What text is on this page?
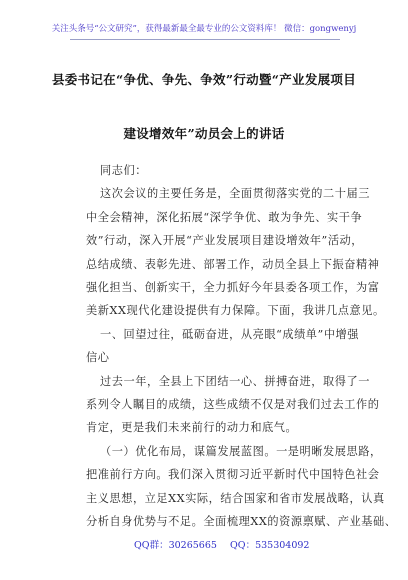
关注头条号“公文研究”，获得最新最全最专业的公文资料库！ 微信：gongwenyj
县委书记在“争优、争先、争效”行动暨“产业发展项目
建设增效年”动员会上的讲话
同志们：
这次会议的主要任务是，全面贯彻落实党的二十届三
中全会精神，深化拓展“深学争优、敢为争先、实干争
效”行动，深入开展“产业发展项目建设增效年”活动，
总结成绩、表彰先进、部署工作，动员全县上下振奋精神
强化担当、创新实干，全力抓好今年县委各项工作，为富
美新XX现代化建设提供有力保障。下面，我讲几点意见。
一、回望过往，砥砺奋进，从亮眼“成绩单”中增强
信心
过去一年，全县上下团结一心、拼搏奋进，取得了一
系列令人瞩目的成绩，这些成绩不仅是对我们过去工作的
肯定，更是我们未来前行的动力和底气。
（一）优化布局，谋篇发展蓝图。一是明晰发展思路，
把准前行方向。我们深入贯彻习近平新时代中国特色社会
主义思想，立足XX实际，结合国家和省市发展战略，认真
分析自身优势与不足。全面梳理XX的资源禀赋、产业基础、
QQ群：30265665 QQ：535304092
